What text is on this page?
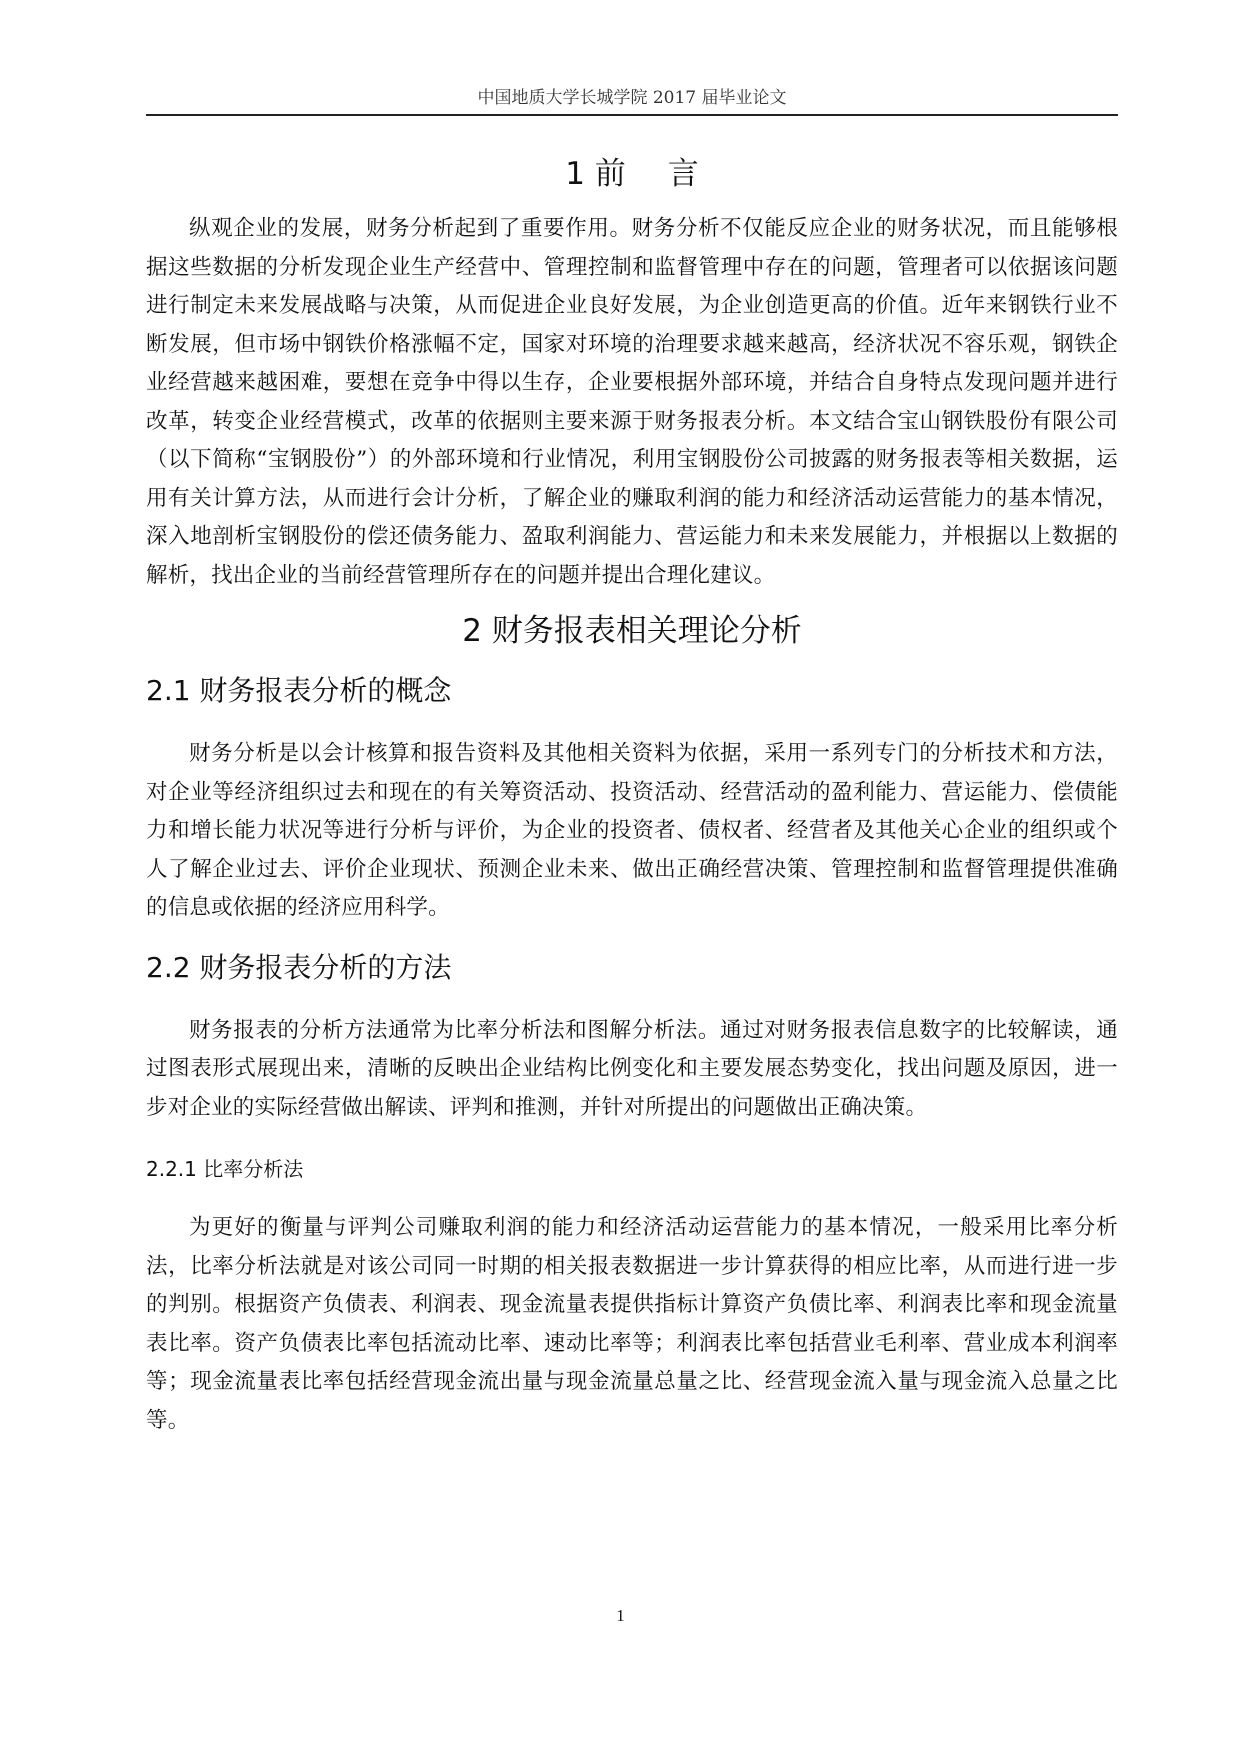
中国地质大学长城学院 2017 届毕业论文
1 前 言

纵观企业的发展，财务分析起到了重要作用。财务分析不仅能反应企业的财务状况，而且能够根据这些数据的分析发现企业生产经营中、管理控制和监督管理中存在的问题，管理者可以依据该问题进行制定未来发展战略与决策，从而促进企业良好发展，为企业创造更高的价值。近年来钢铁行业不断发展，但市场中钢铁价格涨幅不定，国家对环境的治理要求越来越高，经济状况不容乐观，钢铁企业经营越来越困难，要想在竞争中得以生存，企业要根据外部环境，并结合自身特点发现问题并进行改革，转变企业经营模式，改革的依据则主要来源于财务报表分析。本文结合宝山钢铁股份有限公司（以下简称“宝钢股份”）的外部环境和行业情况，利用宝钢股份公司披露的财务报表等相关数据，运用有关计算方法，从而进行会计分析，了解企业的赚取利润的能力和经济活动运营能力的基本情况，深入地剖析宝钢股份的偿还债务能力、盈取利润能力、营运能力和未来发展能力，并根据以上数据的解析，找出企业的当前经营管理所存在的问题并提出合理化建议。

2 财务报表相关理论分析
2.1 财务报表分析的概念

财务分析是以会计核算和报告资料及其他相关资料为依据，采用一系列专门的分析技术和方法，对企业等经济组织过去和现在的有关筹资活动、投资活动、经营活动的盈利能力、营运能力、偿债能力和增长能力状况等进行分析与评价，为企业的投资者、债权者、经营者及其他关心企业的组织或个人了解企业过去、评价企业现状、预测企业未来、做出正确经营决策、管理控制和监督管理提供准确的信息或依据的经济应用科学。

2.2 财务报表分析的方法

财务报表的分析方法通常为比率分析法和图解分析法。通过对财务报表信息数字的比较解读，通过图表形式展现出来，清晰的反映出企业结构比例变化和主要发展态势变化，找出问题及原因，进一步对企业的实际经营做出解读、评判和推测，并针对所提出的问题做出正确决策。

2.2.1 比率分析法

为更好的衡量与评判公司赚取利润的能力和经济活动运营能力的基本情况，一般采用比率分析法，比率分析法就是对该公司同一时期的相关报表数据进一步计算获得的相应比率，从而进行进一步的判别。根据资产负债表、利润表、现金流量表提供指标计算资产负债比率、利润表比率和现金流量表比率。资产负债表比率包括流动比率、速动比率等；利润表比率包括营业毛利率、营业成本利润率等；现金流量表比率包括经营现金流出量与现金流量总量之比、经营现金流入量与现金流入总量之比等。

1
